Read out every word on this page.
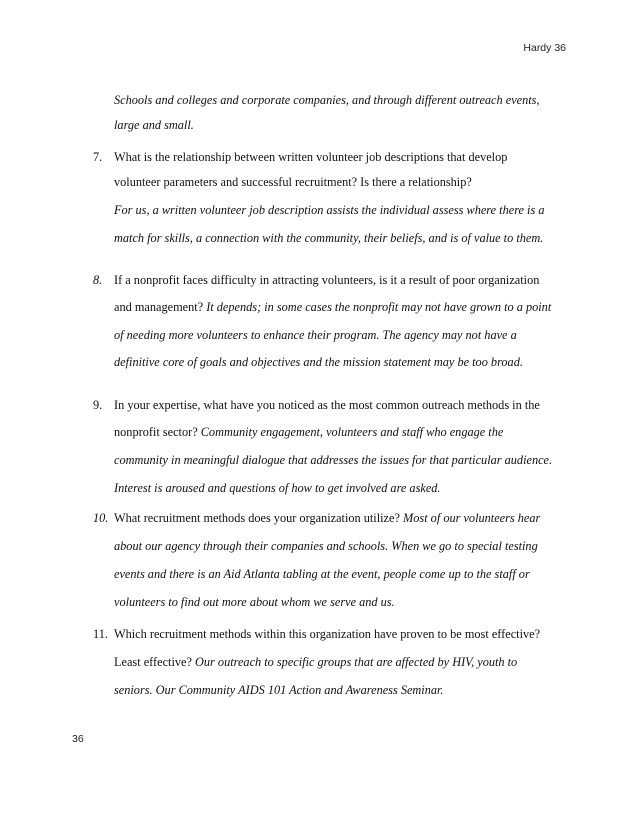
Hardy 36
Schools and colleges and corporate companies, and through different outreach events,
large and small.
7. What is the relationship between written volunteer job descriptions that develop
volunteer parameters and successful recruitment? Is there a relationship?
For us, a written volunteer job description assists the individual assess where there is a
match for skills, a connection with the community, their beliefs, and is of value to them.
8. If a nonprofit faces difficulty in attracting volunteers, is it a result of poor organization
and management? It depends; in some cases the nonprofit may not have grown to a point
of needing more volunteers to enhance their program. The agency may not have a
definitive core of goals and objectives and the mission statement may be too broad.
9. In your expertise, what have you noticed as the most common outreach methods in the
nonprofit sector? Community engagement, volunteers and staff who engage the
community in meaningful dialogue that addresses the issues for that particular audience.
Interest is aroused and questions of how to get involved are asked.
10. What recruitment methods does your organization utilize? Most of our volunteers hear
about our agency through their companies and schools. When we go to special testing
events and there is an Aid Atlanta tabling at the event, people come up to the staff or
volunteers to find out more about whom we serve and us.
11. Which recruitment methods within this organization have proven to be most effective?
Least effective? Our outreach to specific groups that are affected by HIV, youth to
seniors. Our Community AIDS 101 Action and Awareness Seminar.
36
